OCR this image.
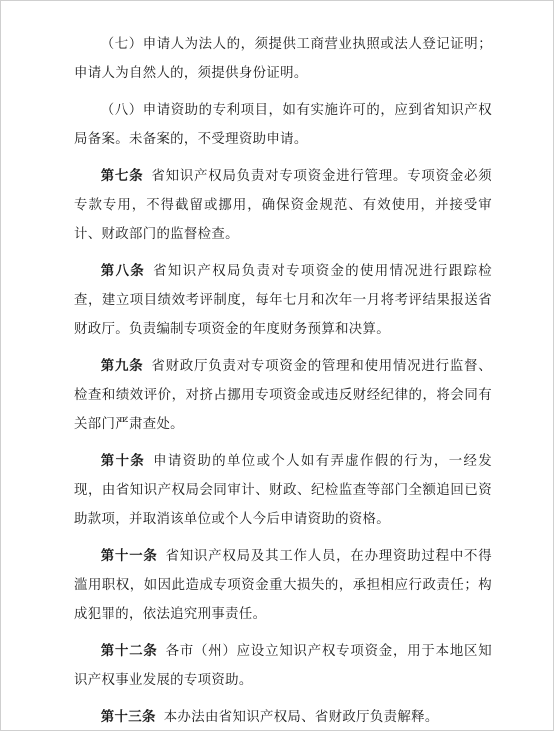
（七）申请人为法人的，须提供工商营业执照或法人登记证明；申请人为自然人的，须提供身份证明。

（八）申请资助的专利项目，如有实施许可的，应到省知识产权局备案。未备案的，不受理资助申请。

第七条 省知识产权局负责对专项资金进行管理。专项资金必须专款专用，不得截留或挪用，确保资金规范、有效使用，并接受审计、财政部门的监督检查。

第八条 省知识产权局负责对专项资金的使用情况进行跟踪检查，建立项目绩效考评制度，每年七月和次年一月将考评结果报送省财政厅。负责编制专项资金的年度财务预算和决算。

第九条 省财政厅负责对专项资金的管理和使用情况进行监督、检查和绩效评价，对挤占挪用专项资金或违反财经纪律的，将会同有关部门严肃查处。

第十条 申请资助的单位或个人如有弄虚作假的行为，一经发现，由省知识产权局会同审计、财政、纪检监查等部门全额追回已资助款项，并取消该单位或个人今后申请资助的资格。

第十一条 省知识产权局及其工作人员，在办理资助过程中不得滥用职权，如因此造成专项资金重大损失的，承担相应行政责任；构成犯罪的，依法追究刑事责任。

第十二条 各市（州）应设立知识产权专项资金，用于本地区知识产权事业发展的专项资助。

第十三条 本办法由省知识产权局、省财政厅负责解释。
